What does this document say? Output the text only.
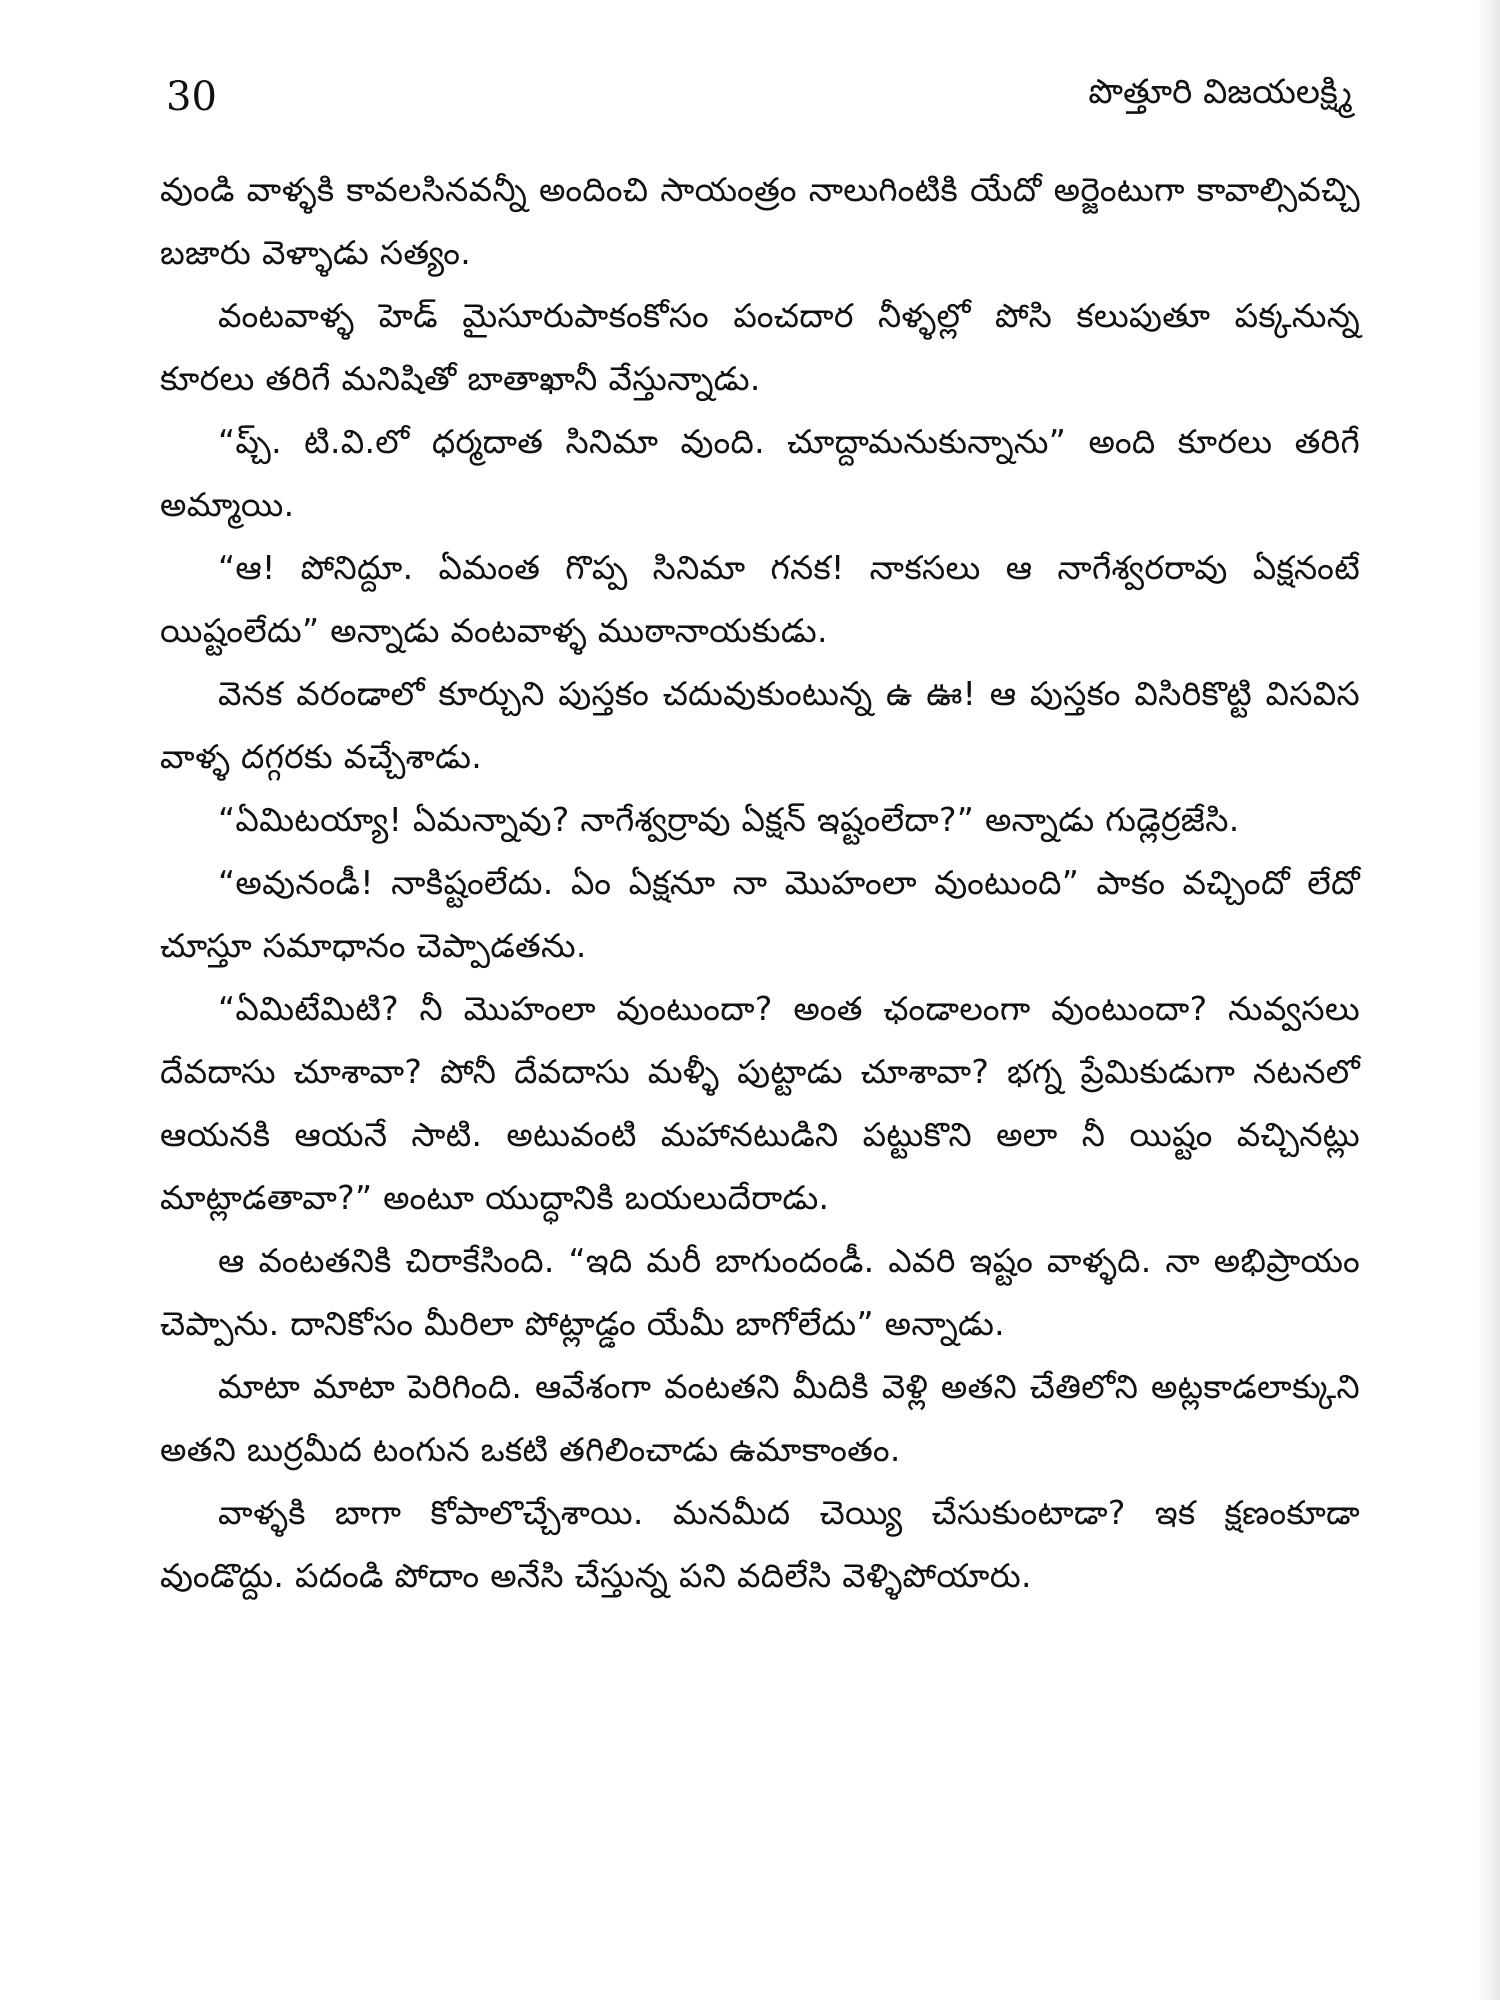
30	పొత్తూరి విజయలక్ష్మి

వుండి వాళ్ళకి కావలసినవన్నీ అందించి సాయంత్రం నాలుగింటికి యేదో అర్జెంటుగా కావాల్సివచ్చి బజారు వెళ్ళాడు సత్యం.

వంటవాళ్ళ హెడ్ మైసూరుపాకంకోసం పంచదార నీళ్ళల్లో పోసి కలుపుతూ పక్కనున్న కూరలు తరిగే మనిషితో బాతాఖానీ వేస్తున్నాడు.

“ప్చ్. టి.వి.లో ధర్మదాత సినిమా వుంది. చూద్దామనుకున్నాను” అంది కూరలు తరిగే అమ్మాయి.

“ఆ! పోనిద్దూ. ఏమంత గొప్ప సినిమా గనక! నాకసలు ఆ నాగేశ్వరరావు ఏక్షనంటే యిష్టంలేదు” అన్నాడు వంటవాళ్ళ ముఠానాయకుడు.

వెనక వరండాలో కూర్చుని పుస్తకం చదువుకుంటున్న ఉ ఊ! ఆ పుస్తకం విసిరికొట్టి విసవిస వాళ్ళ దగ్గరకు వచ్చేశాడు.

“ఏమిటయ్యా! ఏమన్నావు? నాగేశ్వర్రావు ఏక్షన్ ఇష్టంలేదా?” అన్నాడు గుడ్లెర్రజేసి.

“అవునండీ! నాకిష్టంలేదు. ఏం ఏక్షనూ నా మొహంలా వుంటుంది” పాకం వచ్చిందో లేదో చూస్తూ సమాధానం చెప్పాడతను.

“ఏమిటేమిటి? నీ మొహంలా వుంటుందా? అంత ఛండాలంగా వుంటుందా? నువ్వసలు దేవదాసు చూశావా? పోనీ దేవదాసు మళ్ళీ పుట్టాడు చూశావా? భగ్న ప్రేమికుడుగా నటనలో ఆయనకి ఆయనే సాటి. అటువంటి మహానటుడిని పట్టుకొని అలా నీ యిష్టం వచ్చినట్లు మాట్లాడతావా?” అంటూ యుద్ధానికి బయలుదేరాడు.

ఆ వంటతనికి చిరాకేసింది. “ఇది మరీ బాగుందండీ. ఎవరి ఇష్టం వాళ్ళది. నా అభిప్రాయం చెప్పాను. దానికోసం మీరిలా పోట్లాడ్డం యేమీ బాగోలేదు” అన్నాడు.

మాటా మాటా పెరిగింది. ఆవేశంగా వంటతని మీదికి వెళ్లి అతని చేతిలోని అట్లకాడలాక్కుని అతని బుర్రమీద టంగున ఒకటి తగిలించాడు ఉమాకాంతం.

వాళ్ళకి బాగా కోపాలొచ్చేశాయి. మనమీద చెయ్యి చేసుకుంటాడా? ఇక క్షణంకూడా వుండొద్దు. పదండి పోదాం అనేసి చేస్తున్న పని వదిలేసి వెళ్ళిపోయారు.
